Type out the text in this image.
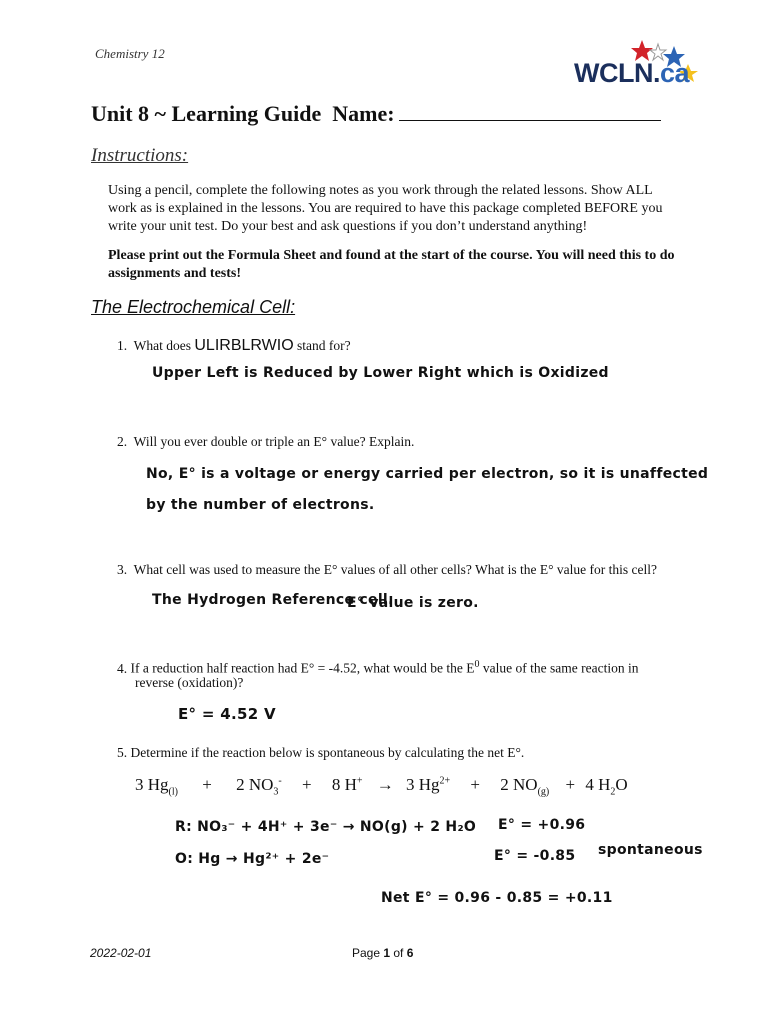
Chemistry 12
WCLN.ca
Unit 8 ~ Learning Guide Name:
Instructions:
Using a pencil, complete the following notes as you work through the related lessons. Show ALL work as is explained in the lessons. You are required to have this package completed BEFORE you write your unit test. Do your best and ask questions if you don’t understand anything!
Please print out the Formula Sheet and found at the start of the course. You will need this to do assignments and tests!
The Electrochemical Cell:
1. What does ULIRBLRWIO stand for?
Upper Left is Reduced by Lower Right which is Oxidized
2. Will you ever double or triple an E° value? Explain.
No, E° is a voltage or energy carried per electron, so it is unaffected
by the number of electrons.
3. What cell was used to measure the E° values of all other cells? What is the E° value for this cell?
The Hydrogen Reference cell.
E° value is zero.
4. If a reduction half reaction had E° = -4.52, what would be the $E^0$ value of the same reaction in
reverse (oxidation)?
E° = 4.52 V
5. Determine if the reaction below is spontaneous by calculating the net E°.
3 $Hg_{(l)} + 2$ $NO_3^- + 8$ H+ → 3 $Hg^{2+} + 2$ $NO_{(g)} + 4$ $H_2O$
R: NO₃⁻ + 4H⁺ + 3e⁻ → NO(g) + 2 H₂O E° = +0.96
O: Hg → Hg²⁺ + 2e⁻	E° = -0.85 spontaneous
Net E° = 0.96 - 0.85 = +0.11
2022-02-01	Page 1 of 6
